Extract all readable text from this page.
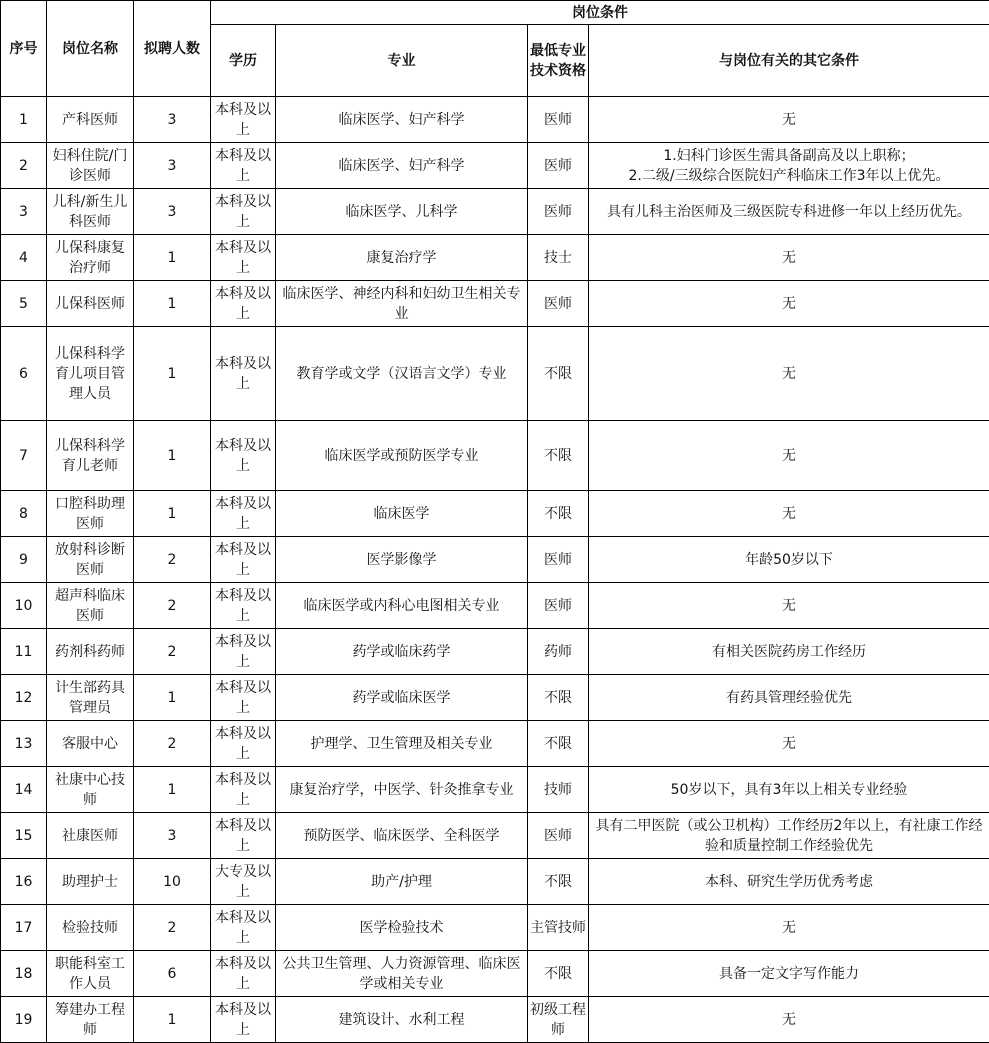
序号	岗位名称	拟聘人数	岗位条件			
			学历	专业	最低专业技术资格	与岗位有关的其它条件
1	产科医师	3	本科及以上	临床医学、妇产科学	医师	无
2	妇科住院/门诊医师	3	本科及以上	临床医学、妇产科学	医师	1.妇科门诊医生需具备副高及以上职称；
2.二级/三级综合医院妇产科临床工作3年以上优先。
3	儿科/新生儿科医师	3	本科及以上	临床医学、儿科学	医师	具有儿科主治医师及三级医院专科进修一年以上经历优先。
4	儿保科康复治疗师	1	本科及以上	康复治疗学	技士	无
5	儿保科医师	1	本科及以上	临床医学、神经内科和妇幼卫生相关专业	医师	无
6	儿保科科学育儿项目管理人员	1	本科及以上	教育学或文学（汉语言文学）专业	不限	无
7	儿保科科学育儿老师	1	本科及以上	临床医学或预防医学专业	不限	无
8	口腔科助理医师	1	本科及以上	临床医学	不限	无
9	放射科诊断医师	2	本科及以上	医学影像学	医师	年龄50岁以下
10	超声科临床医师	2	本科及以上	临床医学或内科心电图相关专业	医师	无
11	药剂科药师	2	本科及以上	药学或临床药学	药师	有相关医院药房工作经历
12	计生部药具管理员	1	本科及以上	药学或临床医学	不限	有药具管理经验优先
13	客服中心	2	本科及以上	护理学、卫生管理及相关专业	不限	无
14	社康中心技师	1	本科及以上	康复治疗学，中医学、针灸推拿专业	技师	50岁以下，具有3年以上相关专业经验
15	社康医师	3	本科及以上	预防医学、临床医学、全科医学	医师	具有二甲医院（或公卫机构）工作经历2年以上，有社康工作经验和质量控制工作经验优先
16	助理护士	10	大专及以上	助产/护理	不限	本科、研究生学历优秀考虑
17	检验技师	2	本科及以上	医学检验技术	主管技师	无
18	职能科室工作人员	6	本科及以上	公共卫生管理、人力资源管理、临床医学或相关专业	不限	具备一定文字写作能力
19	筹建办工程师	1	本科及以上	建筑设计、水利工程	初级工程师	无
